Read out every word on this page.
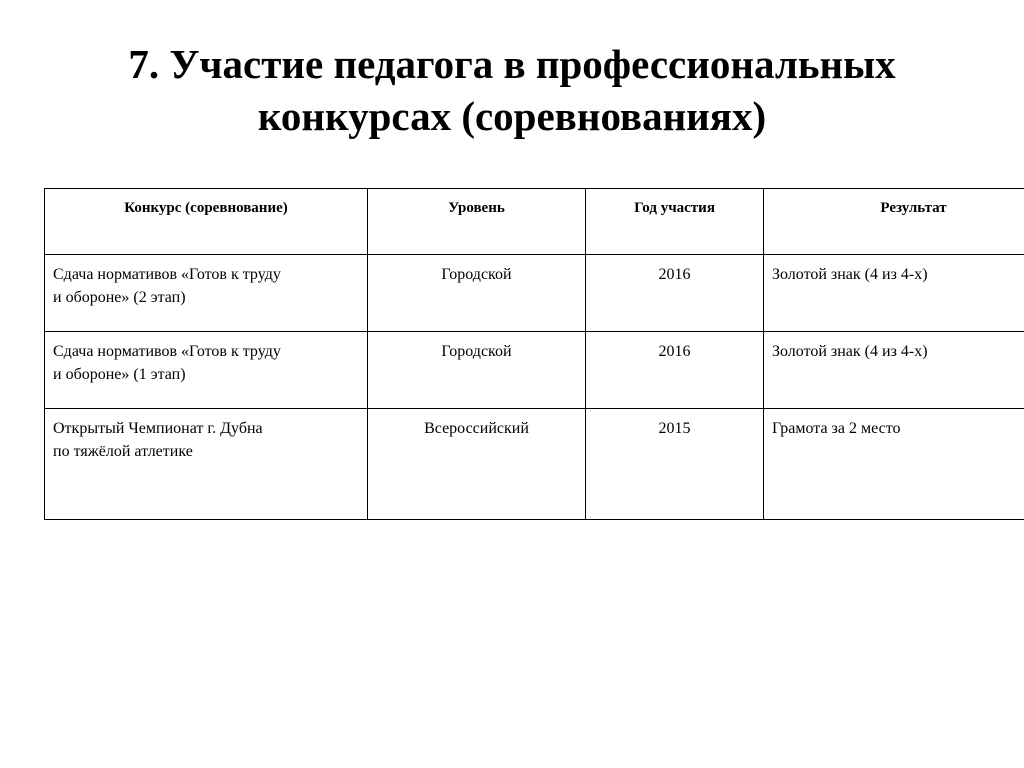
7. Участие педагога в профессиональных
конкурсах (соревнованиях)
Конкурс (соревнование)	Уровень	Год участия	Результат
Сдача нормативов «Готов к труду
и обороне» (2 этап)	Городской	2016	Золотой знак (4 из 4-х)
Сдача нормативов «Готов к труду
и обороне» (1 этап)	Городской	2016	Золотой знак (4 из 4-х)
Открытый Чемпионат г. Дубна
по тяжёлой атлетике	Всероссийский	2015	Грамота за 2 место
